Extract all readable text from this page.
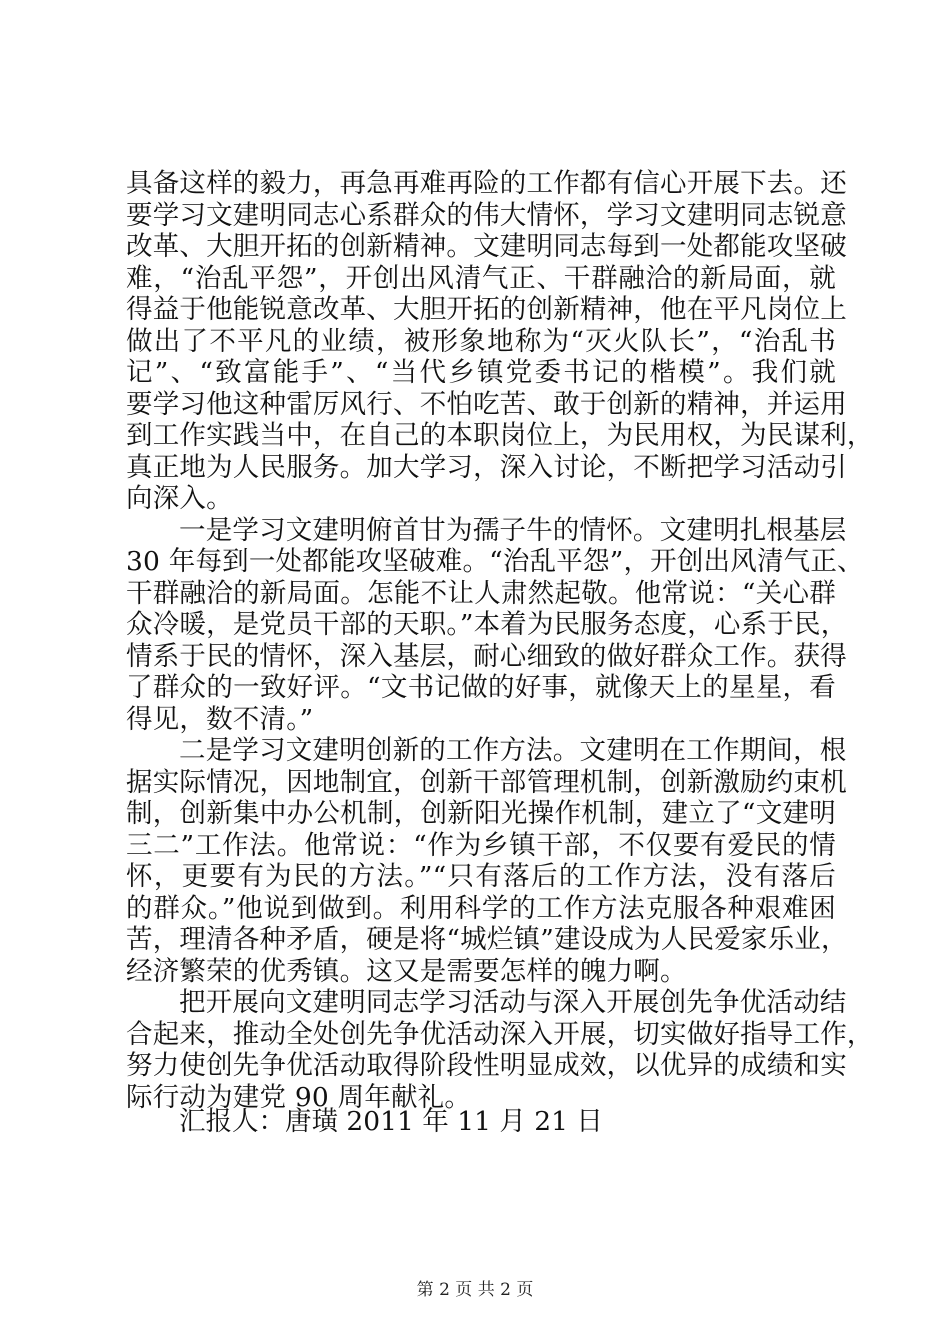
具备这样的毅力，再急再难再险的工作都有信心开展下去。还
要学习文建明同志心系群众的伟大情怀，学习文建明同志锐意
改革、大胆开拓的创新精神。文建明同志每到一处都能攻坚破
难，“治乱平怨”，开创出风清气正、干群融洽的新局面，就
得益于他能锐意改革、大胆开拓的创新精神，他在平凡岗位上
做出了不平凡的业绩，被形象地称为“灭火队长”，“治乱书
记”、“致富能手”、“当代乡镇党委书记的楷模”。我们就
要学习他这种雷厉风行、不怕吃苦、敢于创新的精神，并运用
到工作实践当中，在自己的本职岗位上，为民用权，为民谋利，
真正地为人民服务。加大学习，深入讨论，不断把学习活动引
向深入。
一是学习文建明俯首甘为孺子牛的情怀。文建明扎根基层
30 年每到一处都能攻坚破难。“治乱平怨”，开创出风清气正、
干群融洽的新局面。怎能不让人肃然起敬。他常说：“关心群
众冷暖，是党员干部的天职。”本着为民服务态度，心系于民，
情系于民的情怀，深入基层，耐心细致的做好群众工作。获得
了群众的一致好评。“文书记做的好事，就像天上的星星，看
得见，数不清。”
二是学习文建明创新的工作方法。文建明在工作期间，根
据实际情况，因地制宜，创新干部管理机制，创新激励约束机
制，创新集中办公机制，创新阳光操作机制，建立了“文建明
三二”工作法。他常说：“作为乡镇干部，不仅要有爱民的情
怀，更要有为民的方法。”“只有落后的工作方法，没有落后
的群众。”他说到做到。利用科学的工作方法克服各种艰难困
苦，理清各种矛盾，硬是将“城烂镇”建设成为人民爱家乐业，
经济繁荣的优秀镇。这又是需要怎样的魄力啊。
把开展向文建明同志学习活动与深入开展创先争优活动结
合起来，推动全处创先争优活动深入开展，切实做好指导工作，
努力使创先争优活动取得阶段性明显成效，以优异的成绩和实
际行动为建党 90 周年献礼。
汇报人：唐璜 2011 年 11 月 21 日
第 2 页 共 2 页
